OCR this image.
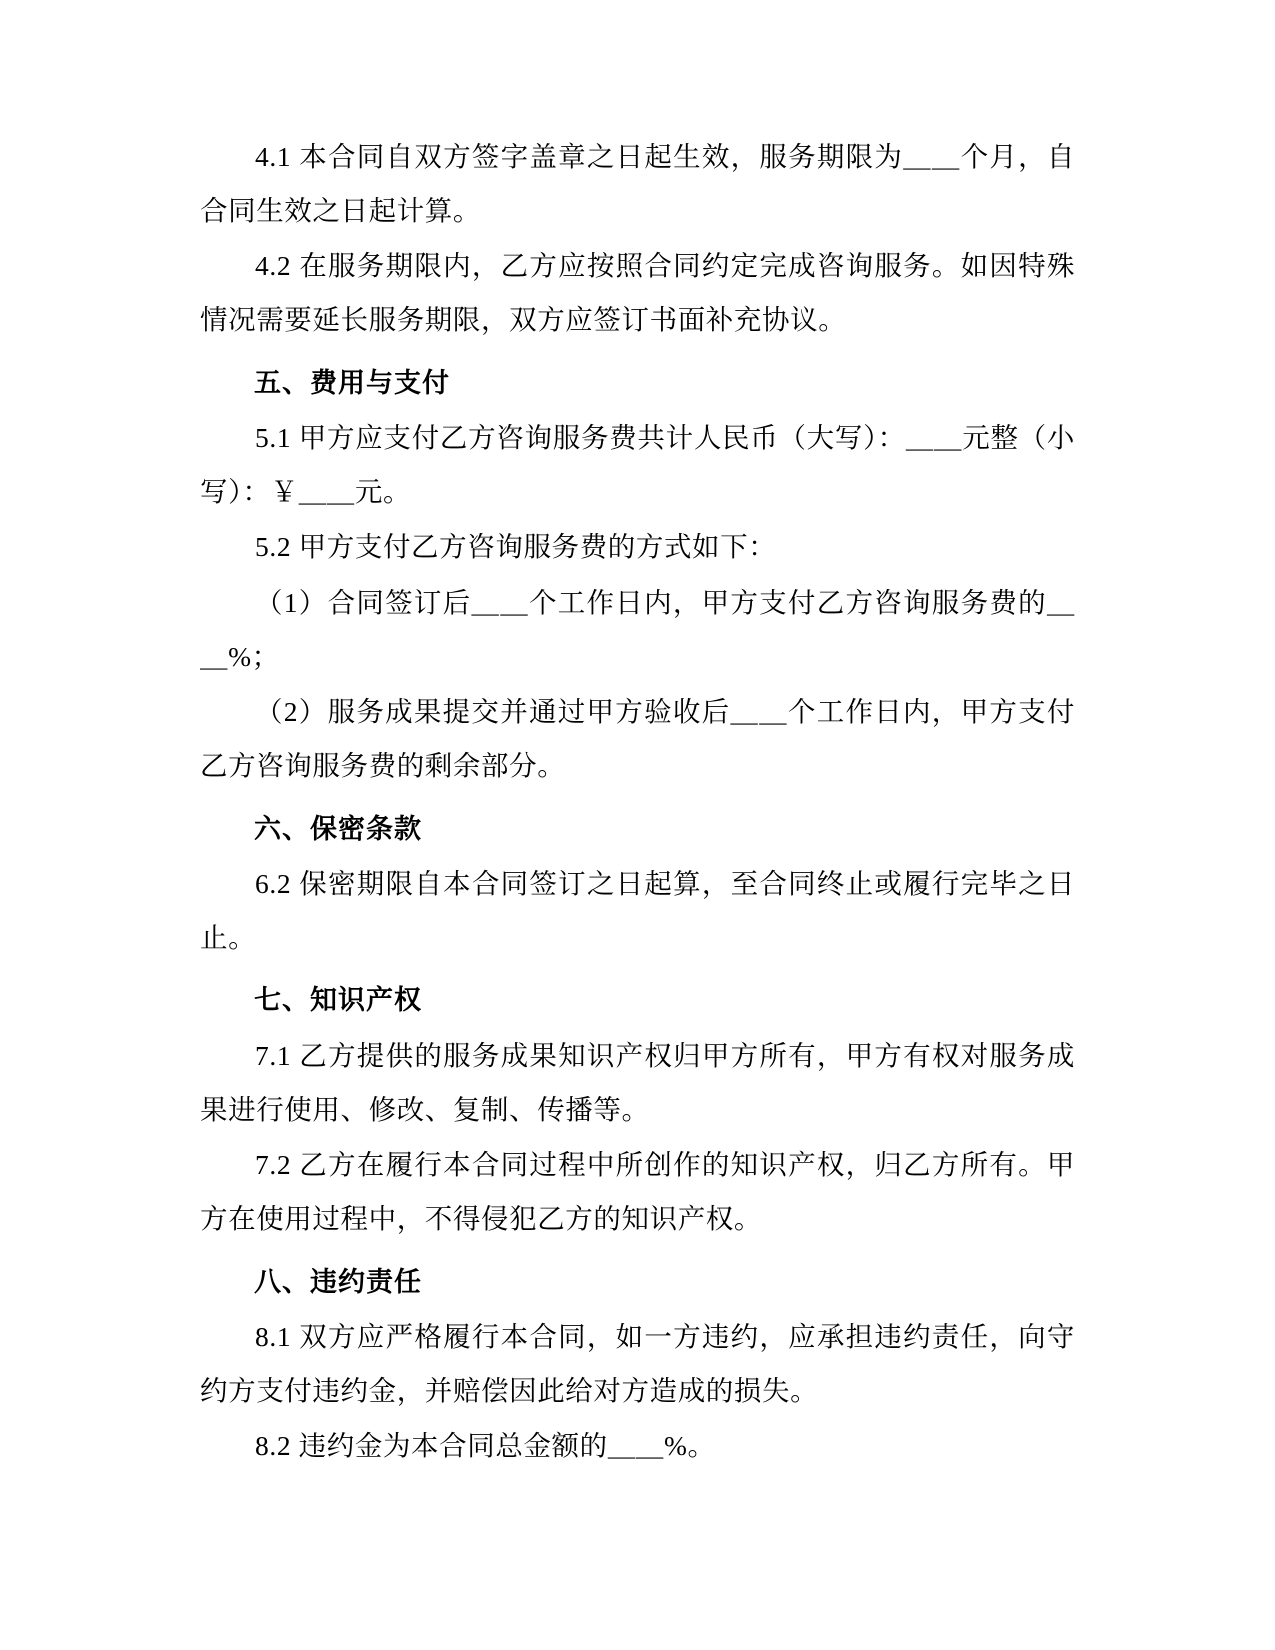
4.1 本合同自双方签字盖章之日起生效，服务期限为＿＿个月，自合同生效之日起计算。

4.2 在服务期限内，乙方应按照合同约定完成咨询服务。如因特殊情况需要延长服务期限，双方应签订书面补充协议。

五、费用与支付

5.1 甲方应支付乙方咨询服务费共计人民币（大写）：＿＿元整（小写）：￥＿＿元。

5.2 甲方支付乙方咨询服务费的方式如下：

（1）合同签订后＿＿个工作日内，甲方支付乙方咨询服务费的＿＿%；

（2）服务成果提交并通过甲方验收后＿＿个工作日内，甲方支付乙方咨询服务费的剩余部分。

六、保密条款

6.2 保密期限自本合同签订之日起算，至合同终止或履行完毕之日止。

七、知识产权

7.1 乙方提供的服务成果知识产权归甲方所有，甲方有权对服务成果进行使用、修改、复制、传播等。

7.2 乙方在履行本合同过程中所创作的知识产权，归乙方所有。甲方在使用过程中，不得侵犯乙方的知识产权。

八、违约责任

8.1 双方应严格履行本合同，如一方违约，应承担违约责任，向守约方支付违约金，并赔偿因此给对方造成的损失。

8.2 违约金为本合同总金额的＿＿%。
